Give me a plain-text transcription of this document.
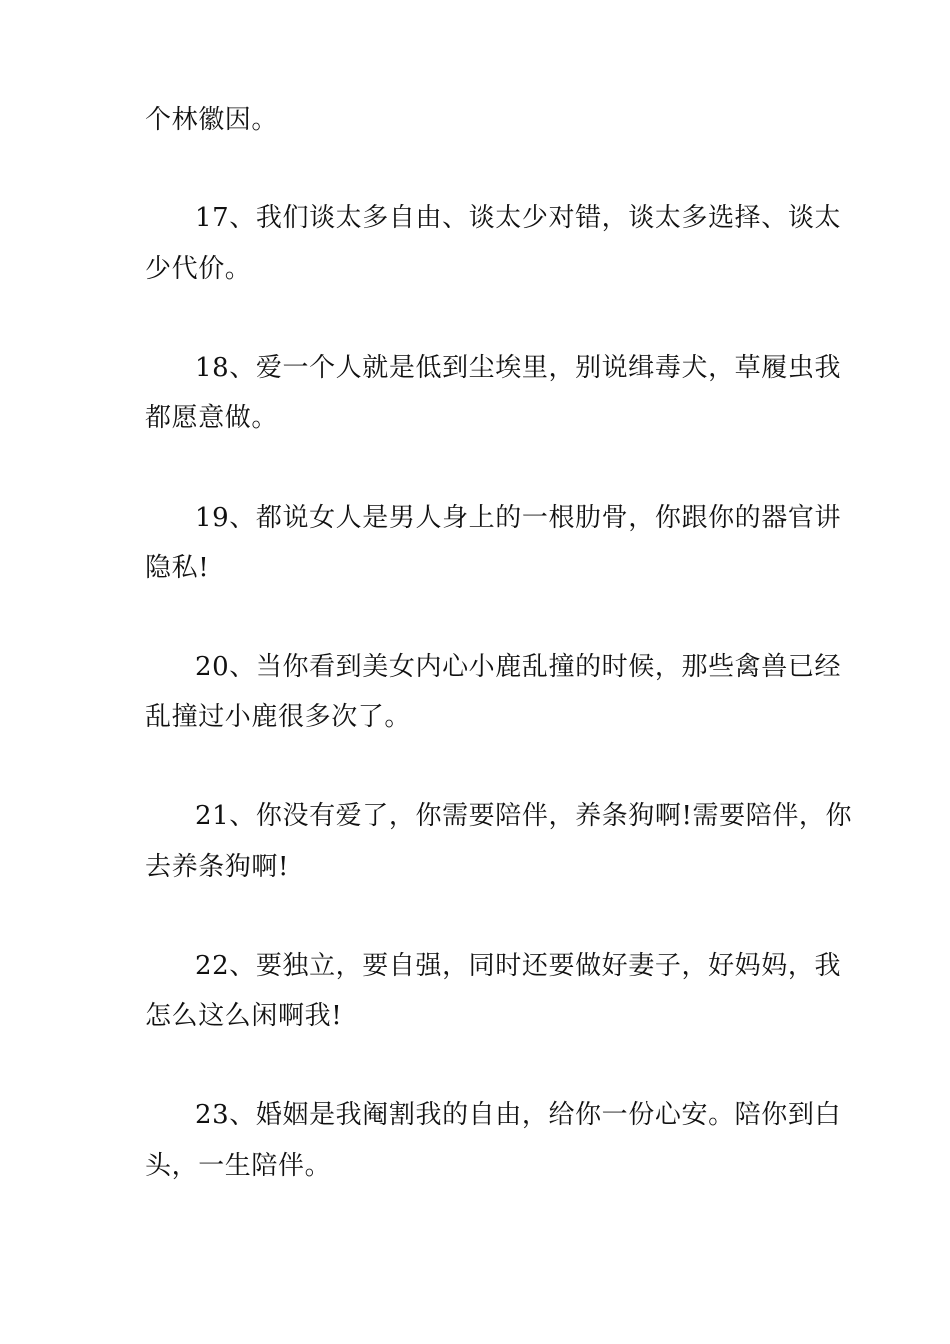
个林徽因。
17、我们谈太多自由、谈太少对错，谈太多选择、谈太
少代价。
18、爱一个人就是低到尘埃里，别说缉毒犬，草履虫我
都愿意做。
19、都说女人是男人身上的一根肋骨，你跟你的器官讲
隐私!
20、当你看到美女内心小鹿乱撞的时候，那些禽兽已经
乱撞过小鹿很多次了。
21、你没有爱了，你需要陪伴，养条狗啊!需要陪伴，你
去养条狗啊!
22、要独立，要自强，同时还要做好妻子，好妈妈，我
怎么这么闲啊我!
23、婚姻是我阉割我的自由，给你一份心安。陪你到白
头，一生陪伴。
